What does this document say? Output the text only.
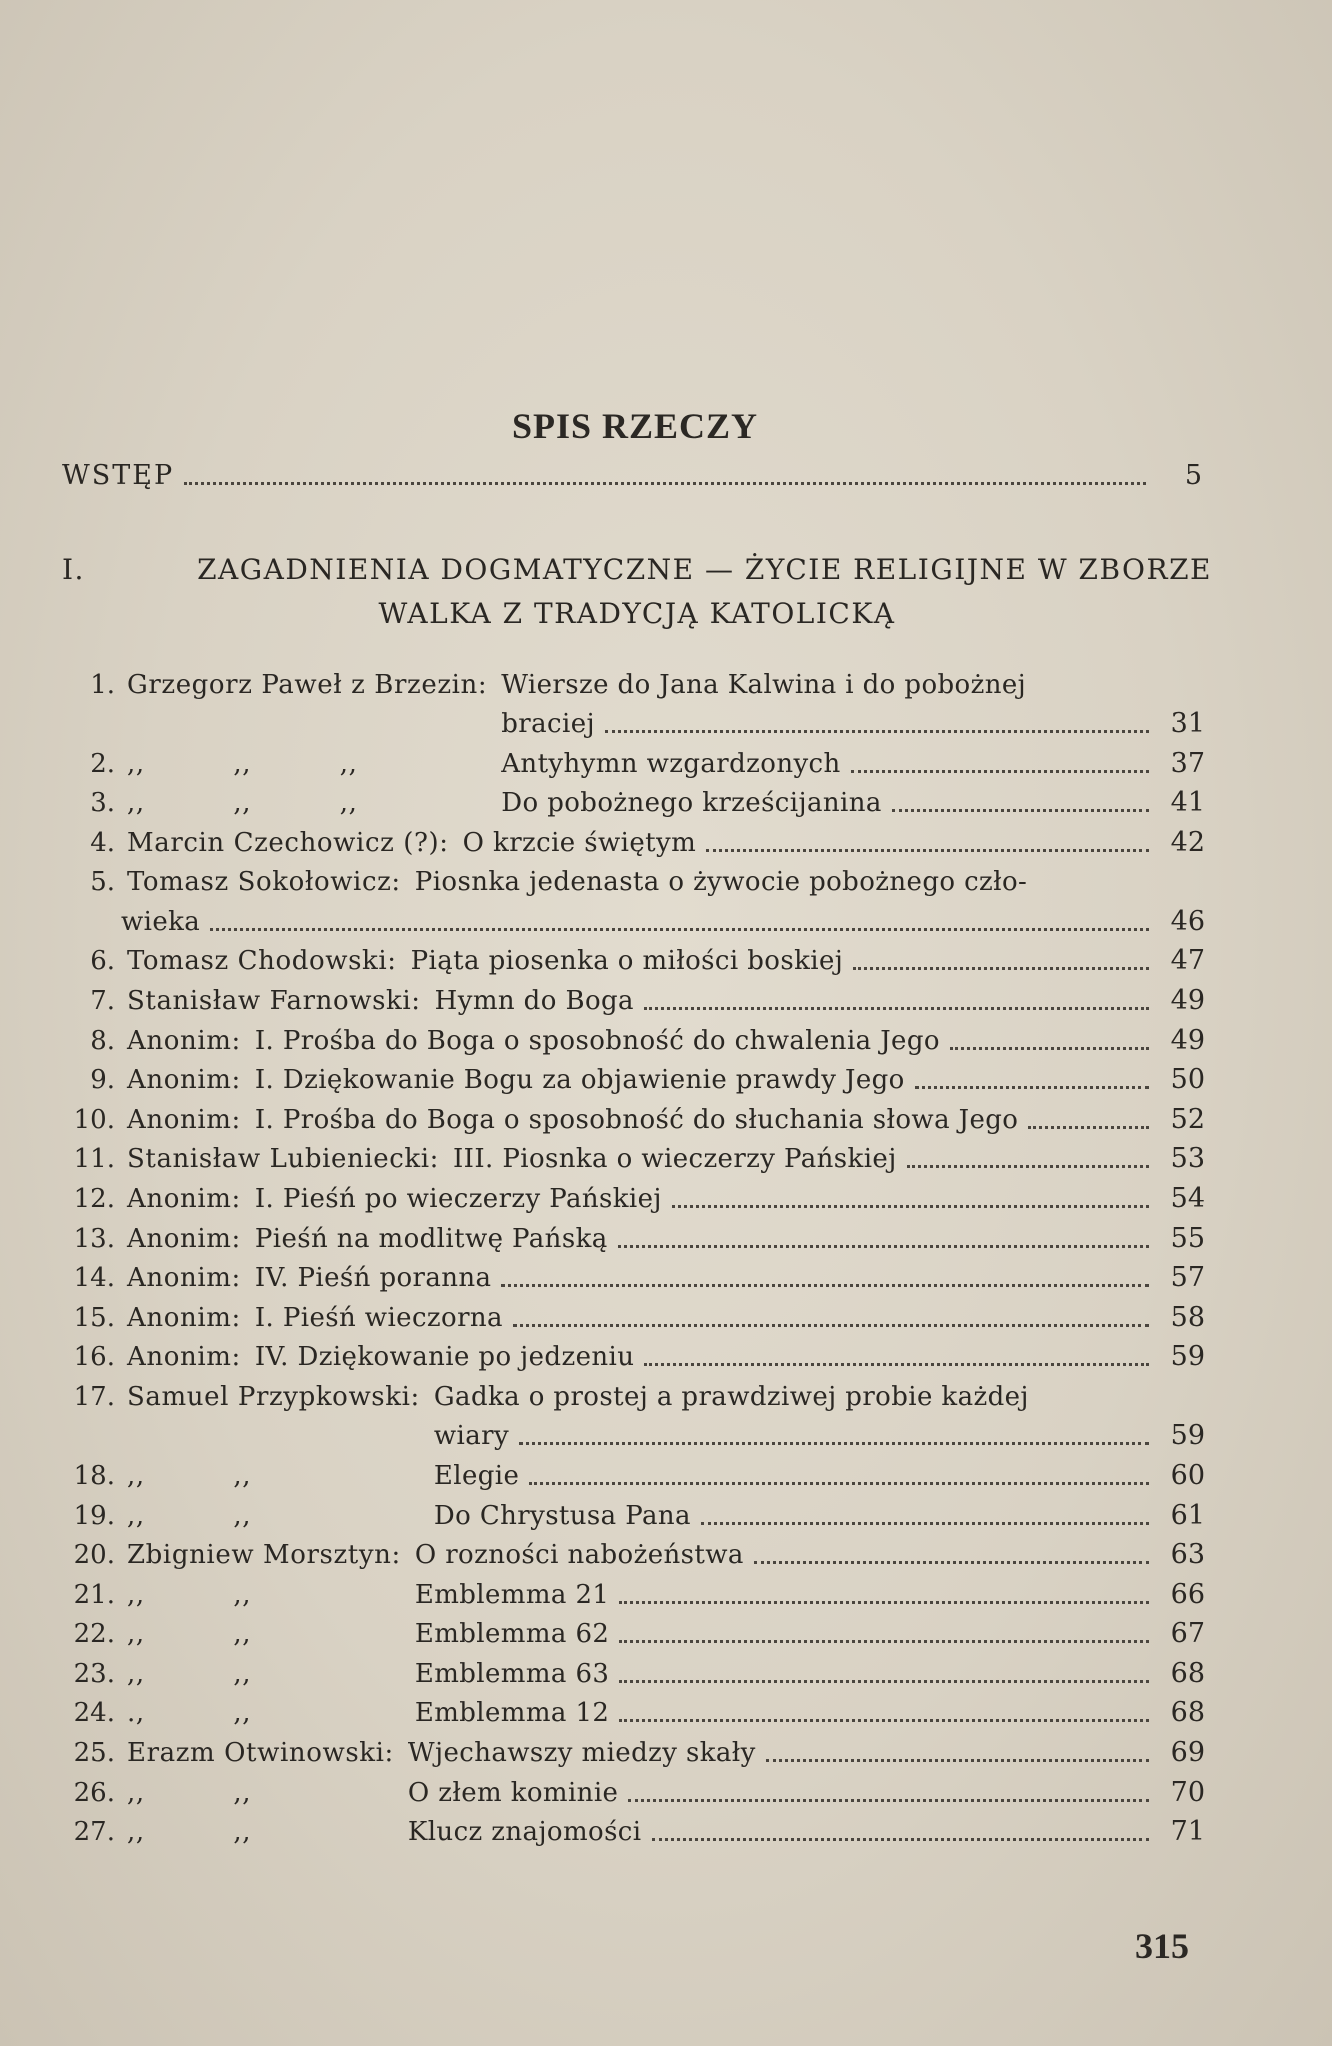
SPIS RZECZY
WSTĘP	5
I.	ZAGADNIENIA DOGMATYCZNE — ŻYCIE RELIGIJNE W ZBORZE
WALKA Z TRADYCJĄ KATOLICKĄ
1. Grzegorz Paweł z Brzezin: Wiersze do Jana Kalwina i do pobożnej
braciej	31
2. ,,          ,,          ,,	Antyhymn wzgardzonych	37
3. ,,          ,,          ,,	Do pobożnego krześcijanina	41
4. Marcin Czechowicz (?): O krzcie świętym	42
5. Tomasz Sokołowicz: Piosnka jedenasta o żywocie pobożnego czło-
wieka	46
6. Tomasz Chodowski: Piąta piosenka o miłości boskiej	47
7. Stanisław Farnowski: Hymn do Boga	49
8. Anonim: I. Prośba do Boga o sposobność do chwalenia Jego	49
9. Anonim: I. Dziękowanie Bogu za objawienie prawdy Jego	50
10. Anonim: I. Prośba do Boga o sposobność do słuchania słowa Jego	52
11. Stanisław Lubieniecki: III. Piosnka o wieczerzy Pańskiej	53
12. Anonim: I. Pieśń po wieczerzy Pańskiej	54
13. Anonim: Pieśń na modlitwę Pańską	55
14. Anonim: IV. Pieśń poranna	57
15. Anonim: I. Pieśń wieczorna	58
16. Anonim: IV. Dziękowanie po jedzeniu	59
17. Samuel Przypkowski: Gadka o prostej a prawdziwej probie każdej
wiary	59
18. ,,          ,,	Elegie	60
19. ,,          ,,	Do Chrystusa Pana	61
20. Zbigniew Morsztyn: O rozności nabożeństwa	63
21. ,,          ,,	Emblemma 21	66
22. ,,          ,,	Emblemma 62	67
23. ,,          ,,	Emblemma 63	68
24. .,          ,,	Emblemma 12	68
25. Erazm Otwinowski: Wjechawszy miedzy skały	69
26. ,,          ,,	O złem kominie	70
27. ,,          ,,	Klucz znajomości	71
315
